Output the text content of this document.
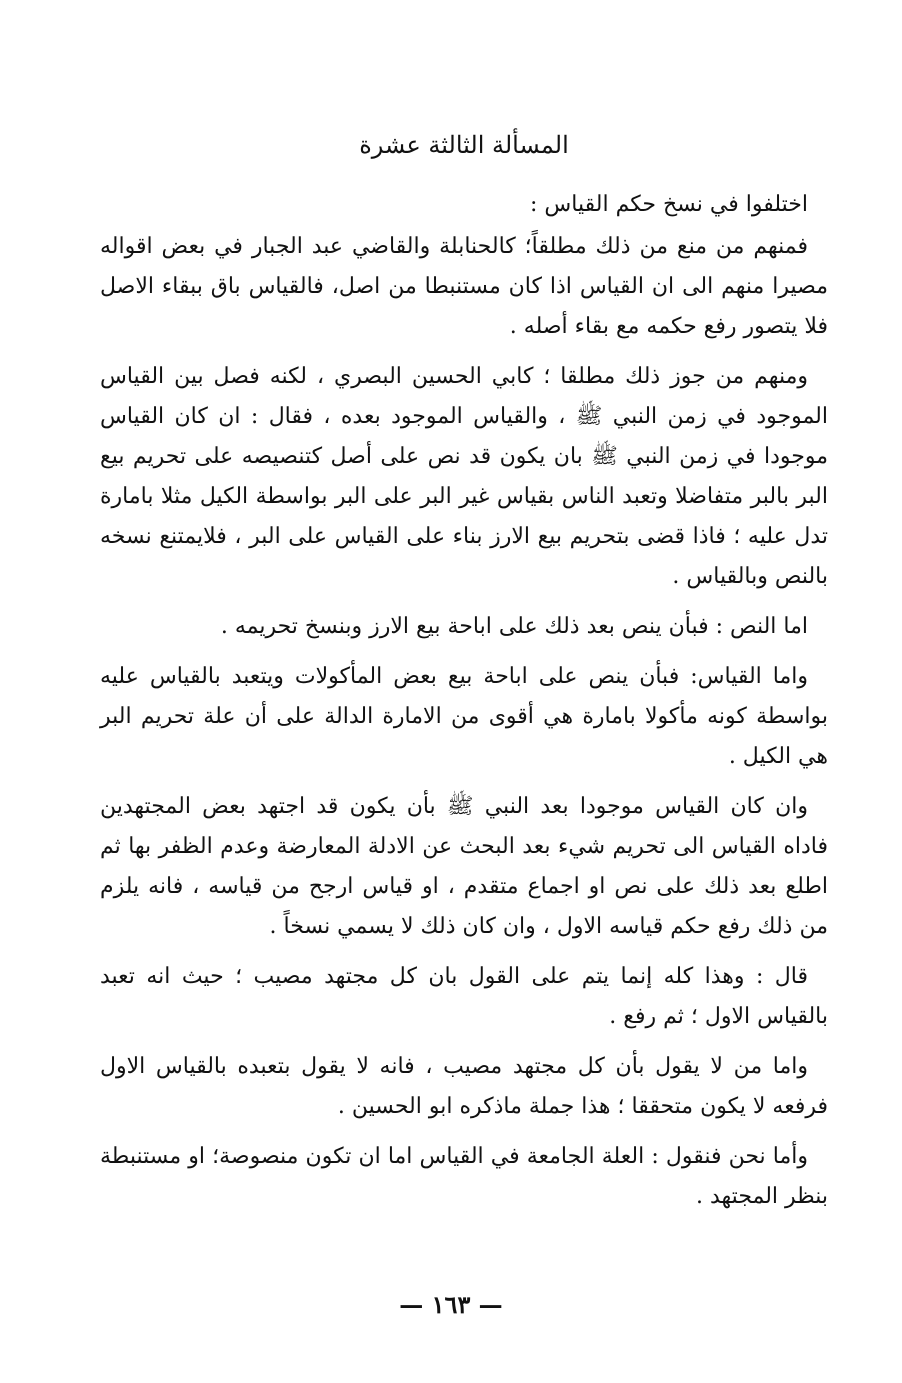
المسألة الثالثة عشرة

اختلفوا في نسخ حكم القياس :

فمنهم من منع من ذلك مطلقاً؛ كالحنابلة والقاضي عبد الجبار في بعض اقواله مصيرا منهم الى ان القياس اذا كان مستنبطا من اصل، فالقياس باق ببقاء الاصل فلا يتصور رفع حكمه مع بقاء أصله .

ومنهم من جوز ذلك مطلقا ؛ كابي الحسين البصري ، لكنه فصل بين القياس الموجود في زمن النبي ﷺ ، والقياس الموجود بعده ، فقال : ان كان القياس موجودا في زمن النبي ﷺ بان يكون قد نص على أصل كتنصيصه على تحريم بيع البر بالبر متفاضلا وتعبد الناس بقياس غير البر على البر بواسطة الكيل مثلا بامارة تدل عليه ؛ فاذا قضى بتحريم بيع الارز بناء على القياس على البر ، فلايمتنع نسخه بالنص وبالقياس .

اما النص : فبأن ينص بعد ذلك على اباحة بيع الارز وبنسخ تحريمه .

واما القياس: فبأن ينص على اباحة بيع بعض المأكولات ويتعبد بالقياس عليه بواسطة كونه مأكولا بامارة هي أقوى من الامارة الدالة على أن علة تحريم البر هي الكيل .

وان كان القياس موجودا بعد النبي ﷺ بأن يكون قد اجتهد بعض المجتهدين فاداه القياس الى تحريم شيء بعد البحث عن الادلة المعارضة وعدم الظفر بها ثم اطلع بعد ذلك على نص او اجماع متقدم ، او قياس ارجح من قياسه ، فانه يلزم من ذلك رفع حكم قياسه الاول ، وان كان ذلك لا يسمي نسخاً .

قال : وهذا كله إنما يتم على القول بان كل مجتهد مصيب ؛ حيث انه تعبد بالقياس الاول ؛ ثم رفع .

واما من لا يقول بأن كل مجتهد مصيب ، فانه لا يقول بتعبده بالقياس الاول فرفعه لا يكون متحققا ؛ هذا جملة ماذكره ابو الحسين .

وأما نحن فنقول : العلة الجامعة في القياس اما ان تكون منصوصة؛ او مستنبطة بنظر المجتهد .

— ١٦٣ —
